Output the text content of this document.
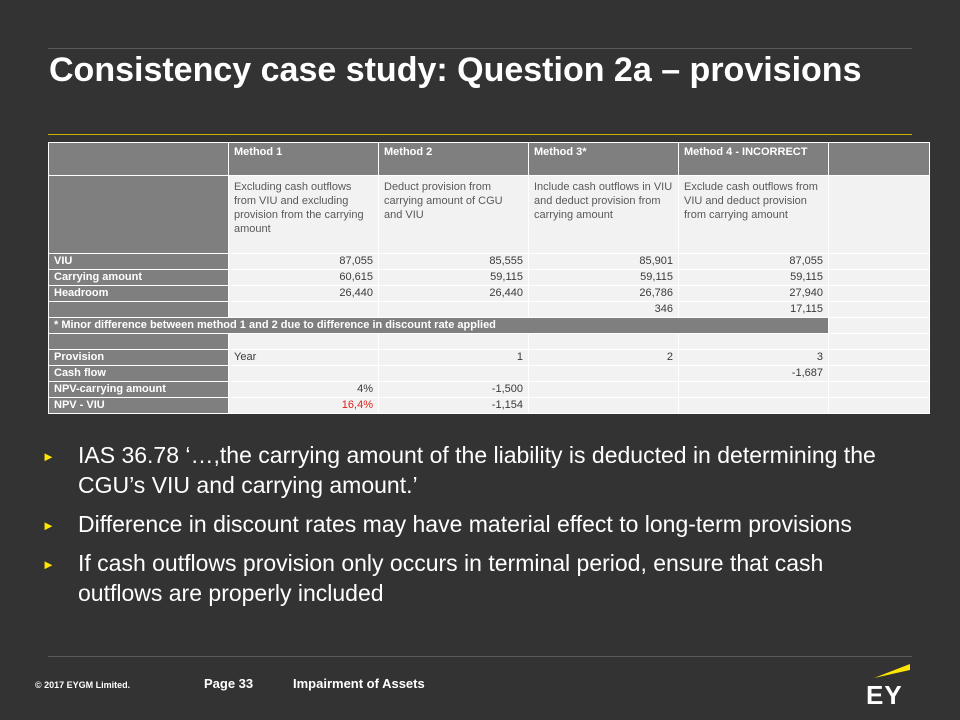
Consistency case study: Question 2a – provisions
	Method 1	Method 2	Method 3*	Method 4 - INCORRECT	
	Excluding cash outflows from VIU and excluding provision from the carrying amount	Deduct provision from carrying amount of CGU and VIU	Include cash outflows in VIU and deduct provision from carrying amount	Exclude cash outflows from VIU and deduct provision from carrying amount	
VIU	87,055	85,555	85,901	87,055	
Carrying amount	60,615	59,115	59,115	59,115	
Headroom	26,440	26,440	26,786	27,940	
			346	17,115	
* Minor difference between method 1 and 2 due to difference in discount rate applied					

Provision	Year	1	2	3	
Cash flow				-1,687	
NPV-carrying amount	4%	-1,500			
NPV - VIU	16,4%	-1,154			
► IAS 36.78 ‘…,the carrying amount of the liability is deducted in determining the CGU’s VIU and carrying amount.’
► Difference in discount rates may have material effect to long-term provisions
► If cash outflows provision only occurs in terminal period, ensure that cash outflows are properly included
© 2017 EYGM Limited.	Page 33	Impairment of Assets	EY
